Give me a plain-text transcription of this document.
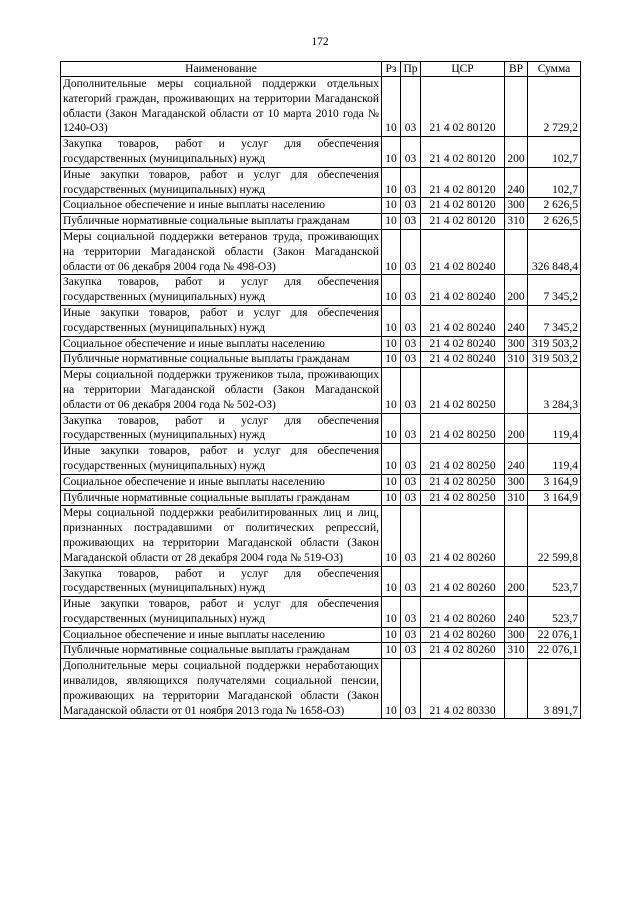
172
Наименование	Рз	Пр	ЦСР	ВР	Сумма
Дополнительные меры социальной поддержки отдельных категорий граждан, проживающих на территории Магаданской области (Закон Магаданской области от 10 марта 2010 года № 1240-ОЗ)	10	03	21 4 02 80120		2 729,2
Закупка товаров, работ и услуг для обеспечения государственных (муниципальных) нужд	10	03	21 4 02 80120	200	102,7
Иные закупки товаров, работ и услуг для обеспечения государственных (муниципальных) нужд	10	03	21 4 02 80120	240	102,7
Социальное обеспечение и иные выплаты населению	10	03	21 4 02 80120	300	2 626,5
Публичные нормативные социальные выплаты гражданам	10	03	21 4 02 80120	310	2 626,5
Меры социальной поддержки ветеранов труда, проживающих на территории Магаданской области (Закон Магаданской области от 06 декабря 2004 года № 498-ОЗ)	10	03	21 4 02 80240		326 848,4
Закупка товаров, работ и услуг для обеспечения государственных (муниципальных) нужд	10	03	21 4 02 80240	200	7 345,2
Иные закупки товаров, работ и услуг для обеспечения государственных (муниципальных) нужд	10	03	21 4 02 80240	240	7 345,2
Социальное обеспечение и иные выплаты населению	10	03	21 4 02 80240	300	319 503,2
Публичные нормативные социальные выплаты гражданам	10	03	21 4 02 80240	310	319 503,2
Меры социальной поддержки тружеников тыла, проживающих на территории Магаданской области (Закон Магаданской области от 06 декабря 2004 года № 502-ОЗ)	10	03	21 4 02 80250		3 284,3
Закупка товаров, работ и услуг для обеспечения государственных (муниципальных) нужд	10	03	21 4 02 80250	200	119,4
Иные закупки товаров, работ и услуг для обеспечения государственных (муниципальных) нужд	10	03	21 4 02 80250	240	119,4
Социальное обеспечение и иные выплаты населению	10	03	21 4 02 80250	300	3 164,9
Публичные нормативные социальные выплаты гражданам	10	03	21 4 02 80250	310	3 164,9
Меры социальной поддержки реабилитированных лиц и лиц, признанных пострадавшими от политических репрессий, проживающих на территории Магаданской области (Закон Магаданской области от 28 декабря 2004 года № 519-ОЗ)	10	03	21 4 02 80260		22 599,8
Закупка товаров, работ и услуг для обеспечения государственных (муниципальных) нужд	10	03	21 4 02 80260	200	523,7
Иные закупки товаров, работ и услуг для обеспечения государственных (муниципальных) нужд	10	03	21 4 02 80260	240	523,7
Социальное обеспечение и иные выплаты населению	10	03	21 4 02 80260	300	22 076,1
Публичные нормативные социальные выплаты гражданам	10	03	21 4 02 80260	310	22 076,1
Дополнительные меры социальной поддержки неработающих инвалидов, являющихся получателями социальной пенсии, проживающих на территории Магаданской области (Закон Магаданской области от 01 ноября 2013 года № 1658-ОЗ)	10	03	21 4 02 80330		3 891,7
